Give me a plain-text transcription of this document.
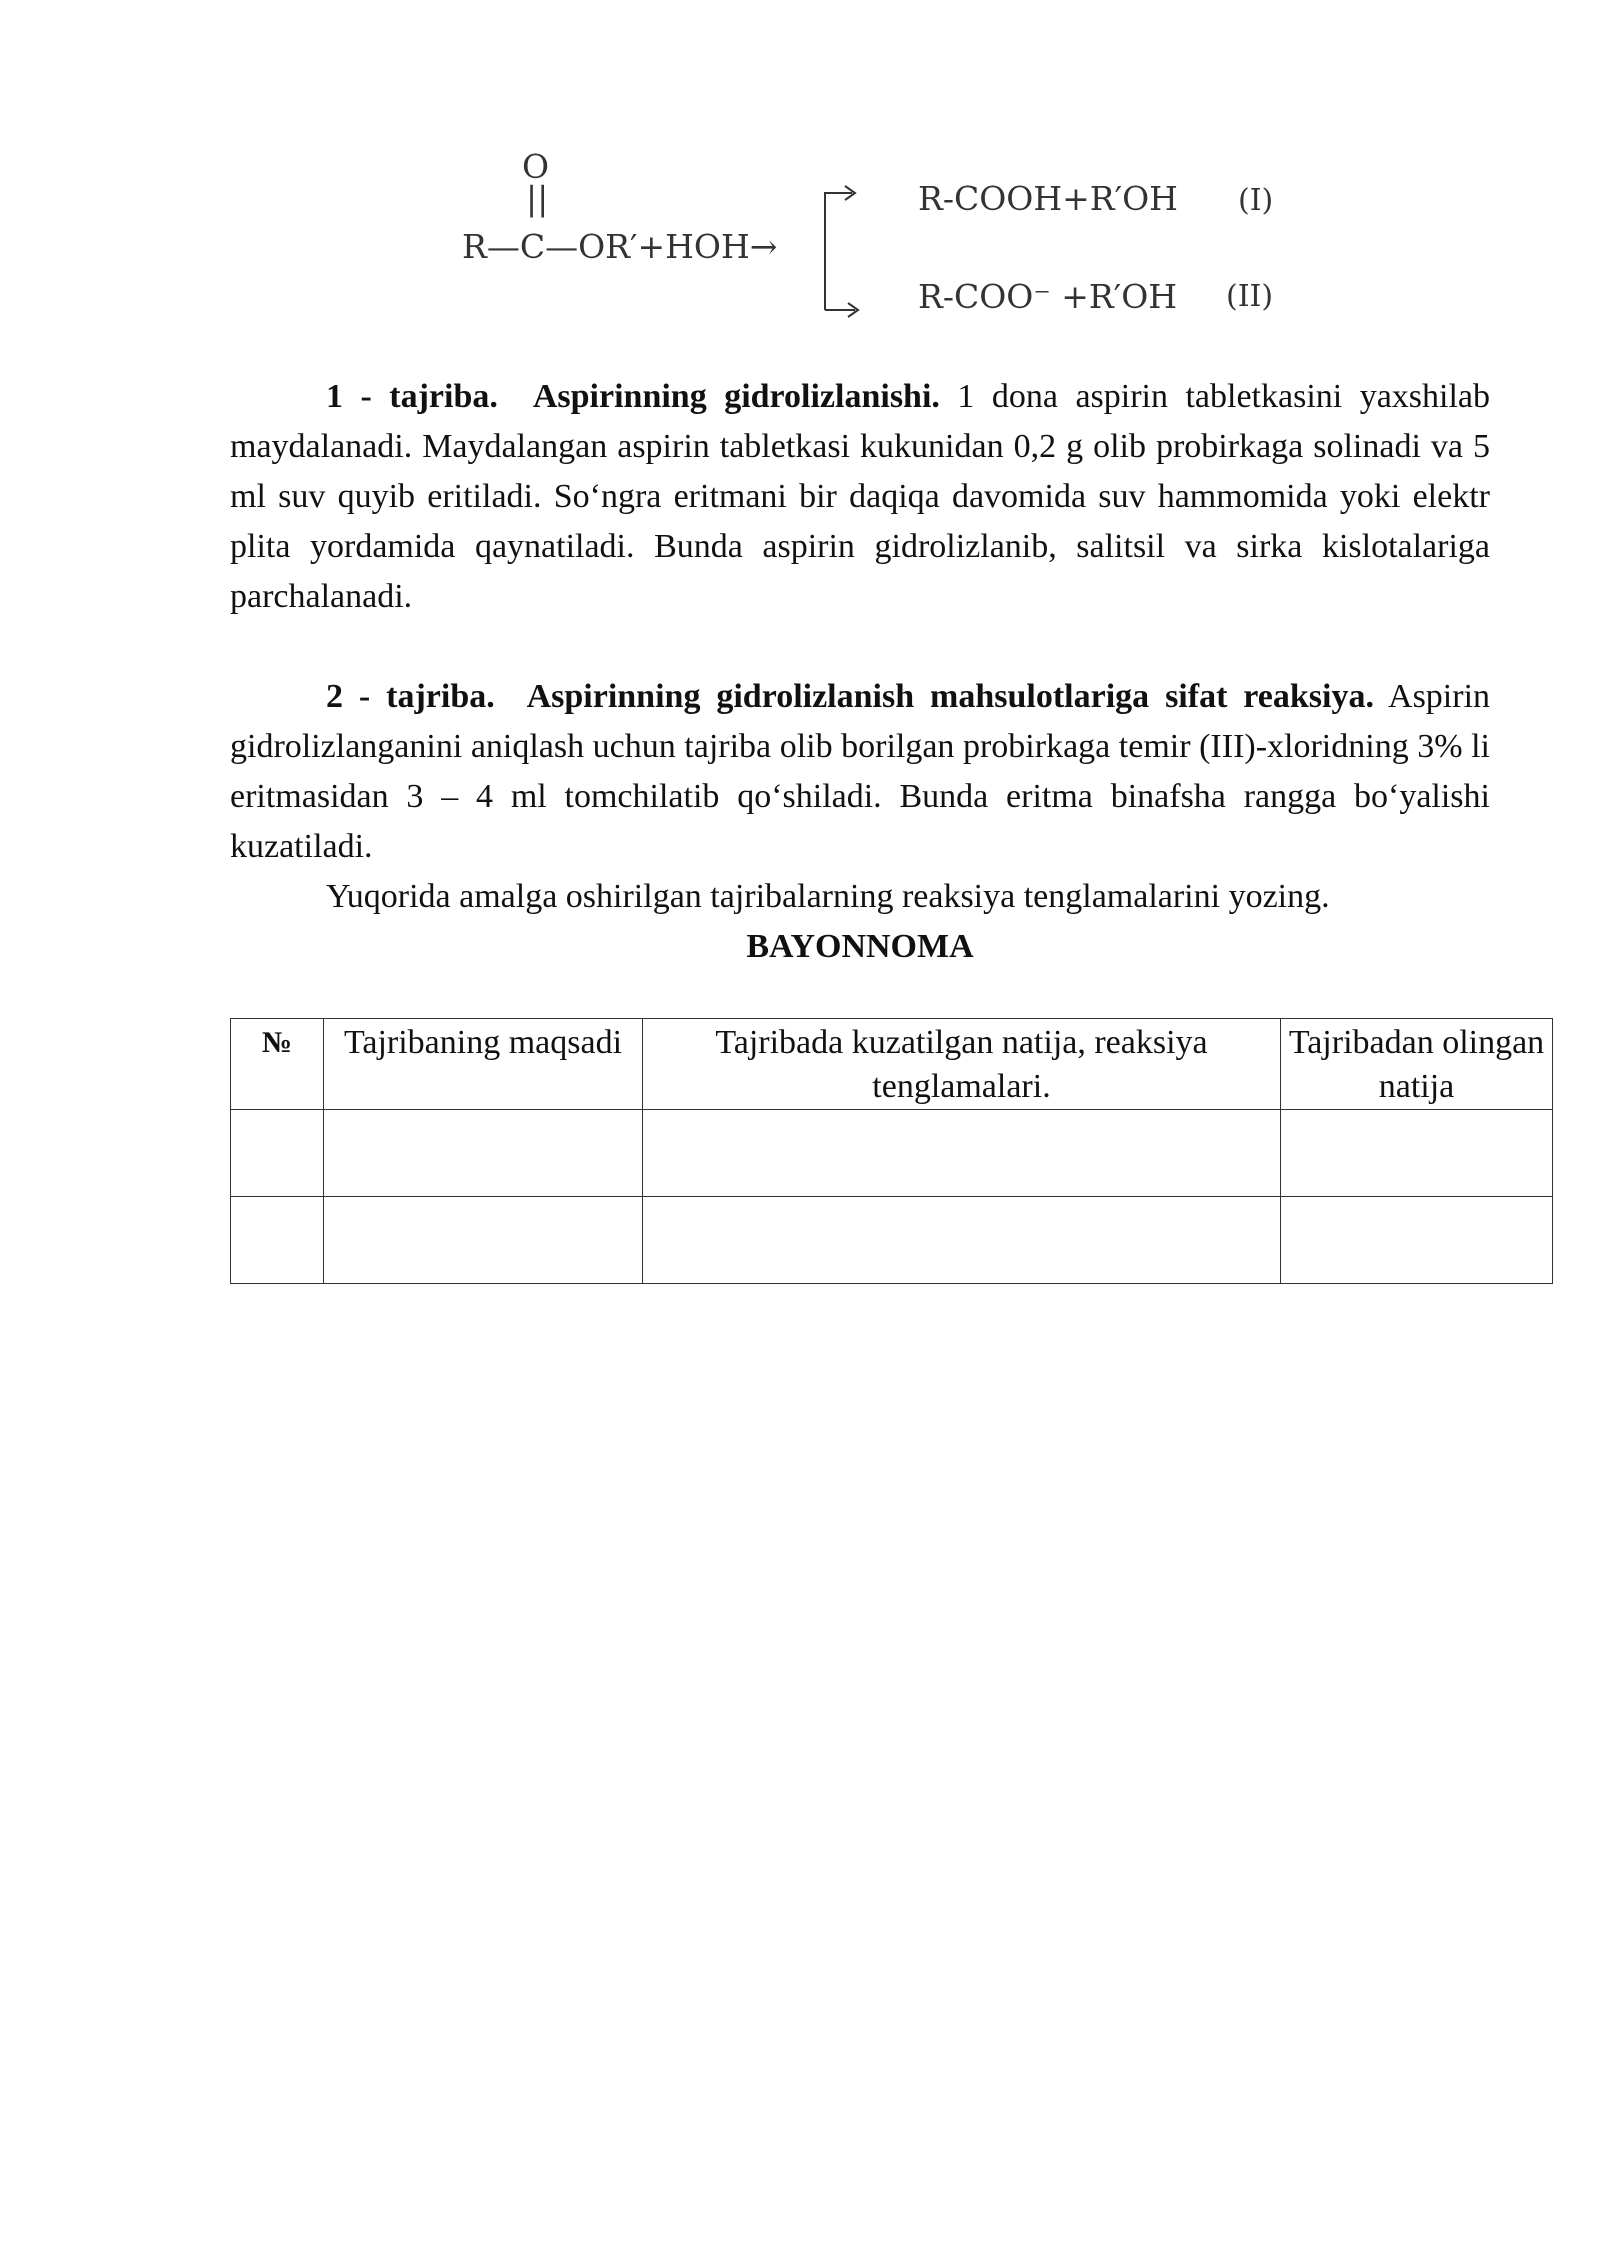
O
||
R—C—OR′+HOH→
R-COOH+R′OH (I)
R-COO⁻ +R′OH (II)

1 - tajriba. Aspirinning gidrolizlanishi. 1 dona aspirin tabletkasini yaxshilab maydalanadi. Maydalangan aspirin tabletkasi kukunidan 0,2 g olib probirkaga solinadi va 5 ml suv quyib eritiladi. So‘ngra eritmani bir daqiqa davomida suv hammomida yoki elektr plita yordamida qaynatiladi. Bunda aspirin gidrolizlanib, salitsil va sirka kislotalariga parchalanadi.

2 - tajriba. Aspirinning gidrolizlanish mahsulotlariga sifat reaksiya. Aspirin gidrolizlanganini aniqlash uchun tajriba olib borilgan probirkaga temir (III)-xloridning 3% li eritmasidan 3 – 4 ml tomchilatib qo‘shiladi. Bunda eritma binafsha rangga bo‘yalishi kuzatiladi.

Yuqorida amalga oshirilgan tajribalarning reaksiya tenglamalarini yozing.

BAYONNOMA
№	Tajribaning maqsadi	Tajribada kuzatilgan natija, reaksiya tenglamalari.	Tajribadan olingan natija
